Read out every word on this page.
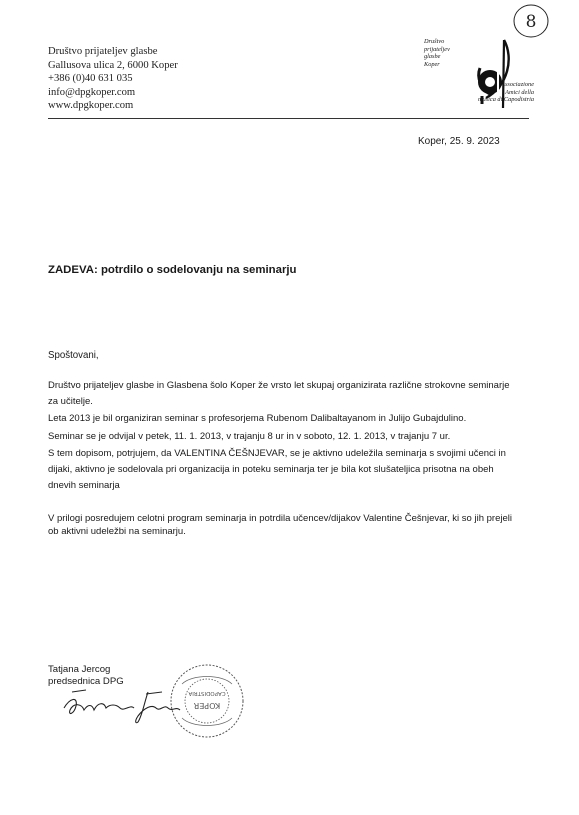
8
Društvo prijateljev glasbe
Gallusova ulica 2, 6000 Koper
+386 (0)40 631 035
info@dpgkoper.com
www.dpgkoper.com
Društvo
prijateljev
glasbe
Koper
Associazione
Amici della
musica di Capodistria
Koper, 25. 9. 2023
ZADEVA: potrdilo o sodelovanju na seminarju
Spoštovani,
Društvo prijateljev glasbe in Glasbena šolo Koper že vrsto let skupaj organizirata različne strokovne seminarje
za učitelje.
Leta 2013 je bil organiziran seminar s profesorjema Rubenom Dalibaltayanom in Julijo Gubajdulino.
Seminar se je odvijal v petek, 11. 1. 2013, v trajanju 8 ur in v soboto, 12. 1. 2013, v trajanju 7 ur.
S tem dopisom, potrjujem, da VALENTINA ČEŠNJEVAR, se je aktivno udeležila seminarja s svojimi učenci in
dijaki, aktivno je sodelovala pri organizacija in poteku seminarja ter je bila kot slušateljica prisotna na obeh
dnevih seminarja
V prilogi posredujem celotni program seminarja in potrdila učencev/dijakov Valentine Češnjevar, ki so jih prejeli
ob aktivni udeležbi na seminarju.
Tatjana Jercog
predsednica DPG
KOPER
CAPODISTRIA
